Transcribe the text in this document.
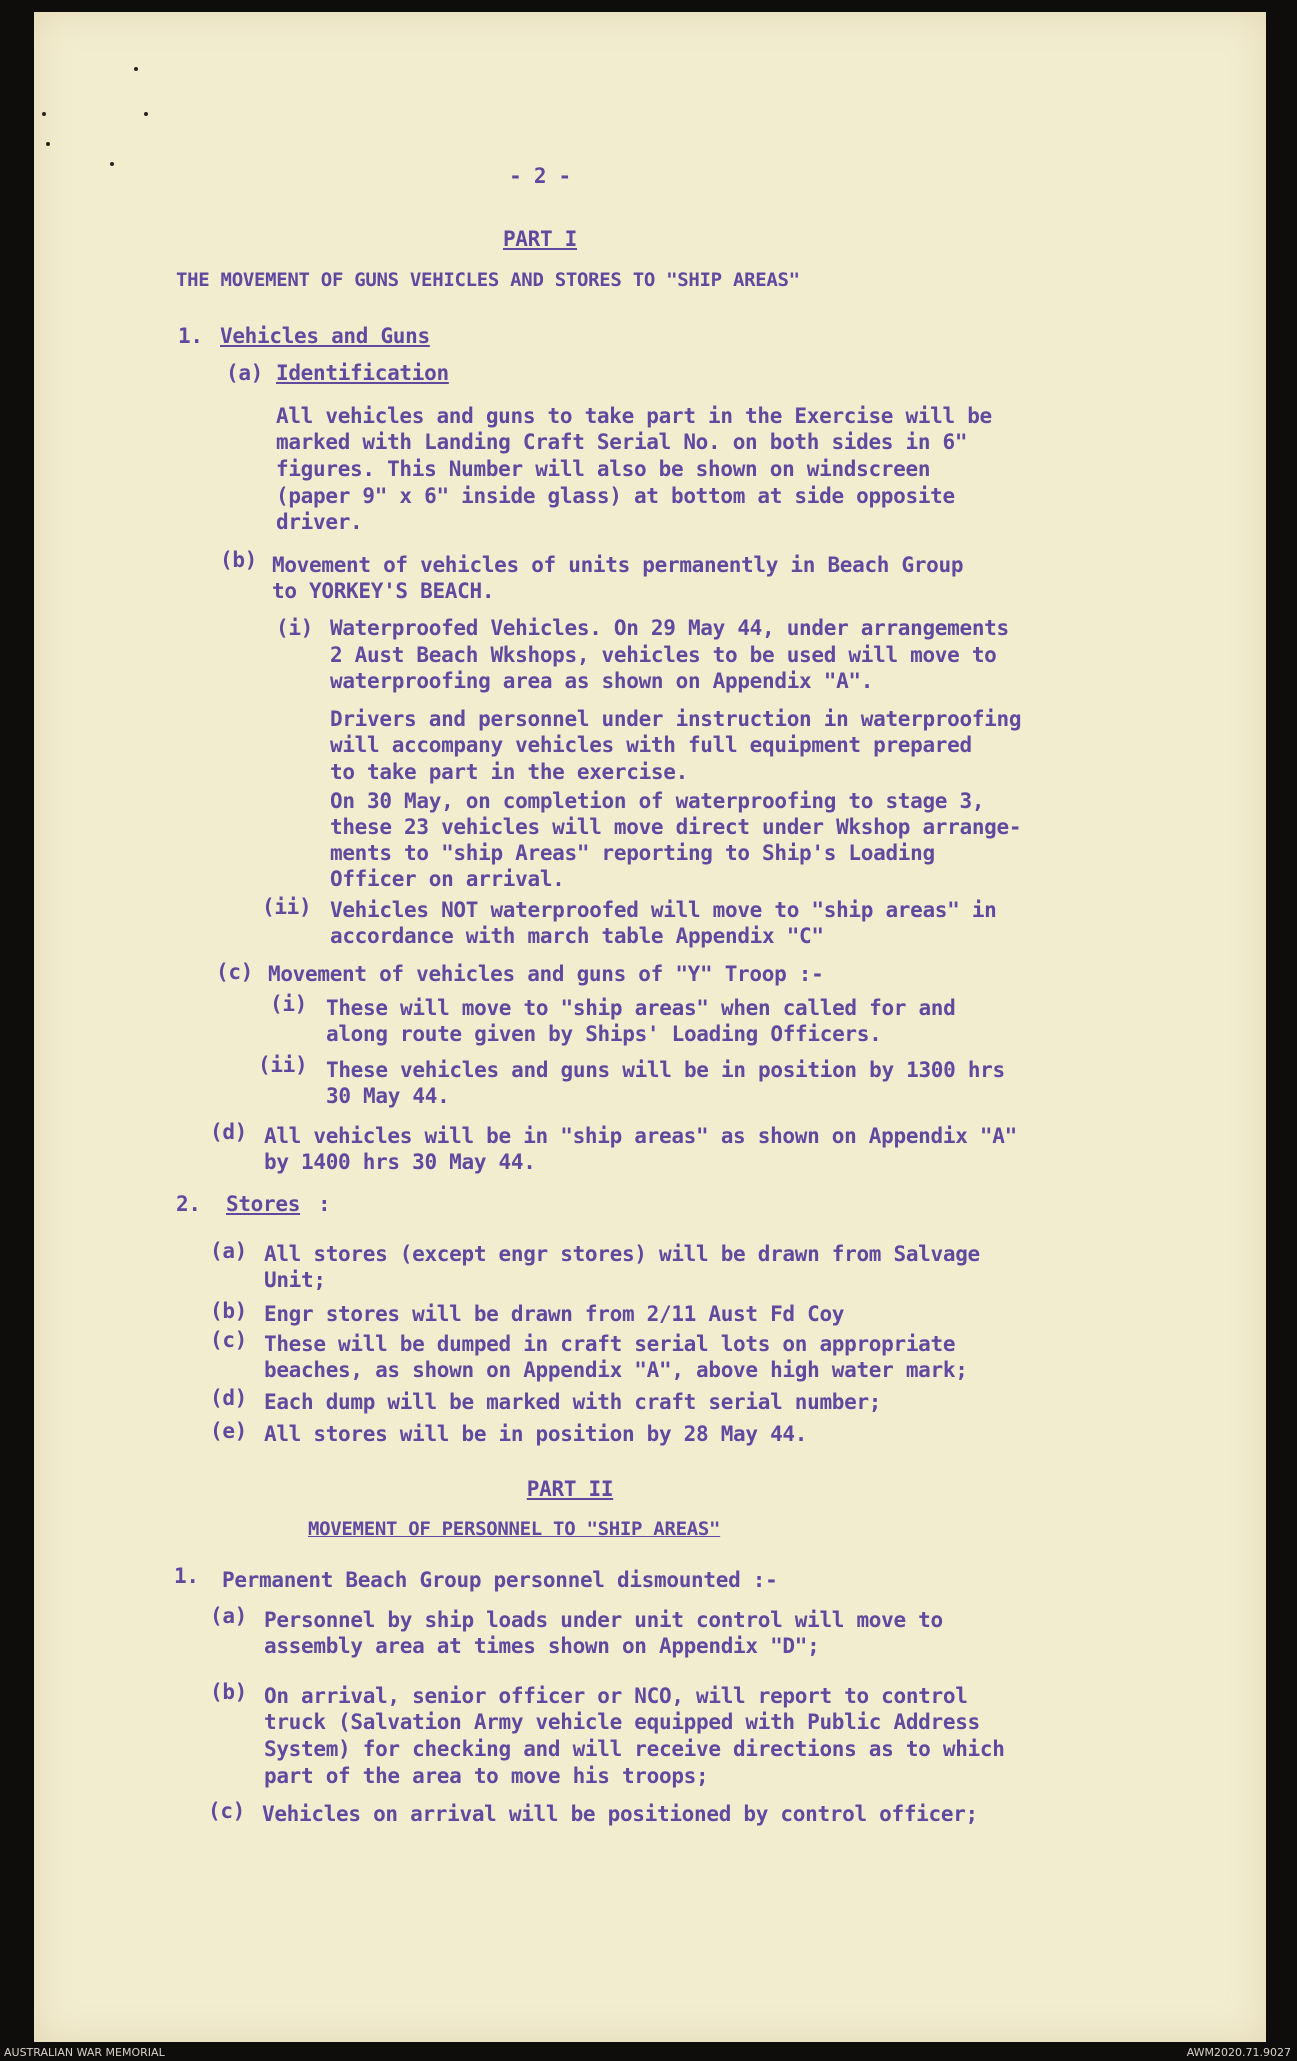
- 2 -
PART I
THE MOVEMENT OF GUNS VEHICLES AND STORES TO "SHIP AREAS"
1. Vehicles and Guns
(a) Identification
All vehicles and guns to take part in the Exercise will be
marked with Landing Craft Serial No. on both sides in 6"
figures. This Number will also be shown on windscreen
(paper 9" x 6" inside glass) at bottom at side opposite
driver.
(b) Movement of vehicles of units permanently in Beach Group
to YORKEY'S BEACH.
(i) Waterproofed Vehicles. On 29 May 44, under arrangements
2 Aust Beach Wkshops, vehicles to be used will move to
waterproofing area as shown on Appendix "A".
Drivers and personnel under instruction in waterproofing
will accompany vehicles with full equipment prepared
to take part in the exercise.
On 30 May, on completion of waterproofing to stage 3,
these 23 vehicles will move direct under Wkshop arrange-
ments to "ship Areas" reporting to Ship's Loading
Officer on arrival.
(ii) Vehicles NOT waterproofed will move to "ship areas" in
accordance with march table Appendix "C"
(c) Movement of vehicles and guns of "Y" Troop :-
(i) These will move to "ship areas" when called for and
along route given by Ships' Loading Officers.
(ii) These vehicles and guns will be in position by 1300 hrs
30 May 44.
(d) All vehicles will be in "ship areas" as shown on Appendix "A"
by 1400 hrs 30 May 44.
2. Stores :
(a) All stores (except engr stores) will be drawn from Salvage
Unit;
(b) Engr stores will be drawn from 2/11 Aust Fd Coy
(c) These will be dumped in craft serial lots on appropriate
beaches, as shown on Appendix "A", above high water mark;
(d) Each dump will be marked with craft serial number;
(e) All stores will be in position by 28 May 44.
PART II
MOVEMENT OF PERSONNEL TO "SHIP AREAS"
1. Permanent Beach Group personnel dismounted :-
(a) Personnel by ship loads under unit control will move to
assembly area at times shown on Appendix "D";
(b) On arrival, senior officer or NCO, will report to control
truck (Salvation Army vehicle equipped with Public Address
System) for checking and will receive directions as to which
part of the area to move his troops;
(c) Vehicles on arrival will be positioned by control officer;
AUSTRALIAN WAR MEMORIAL	AWM2020.71.9027
